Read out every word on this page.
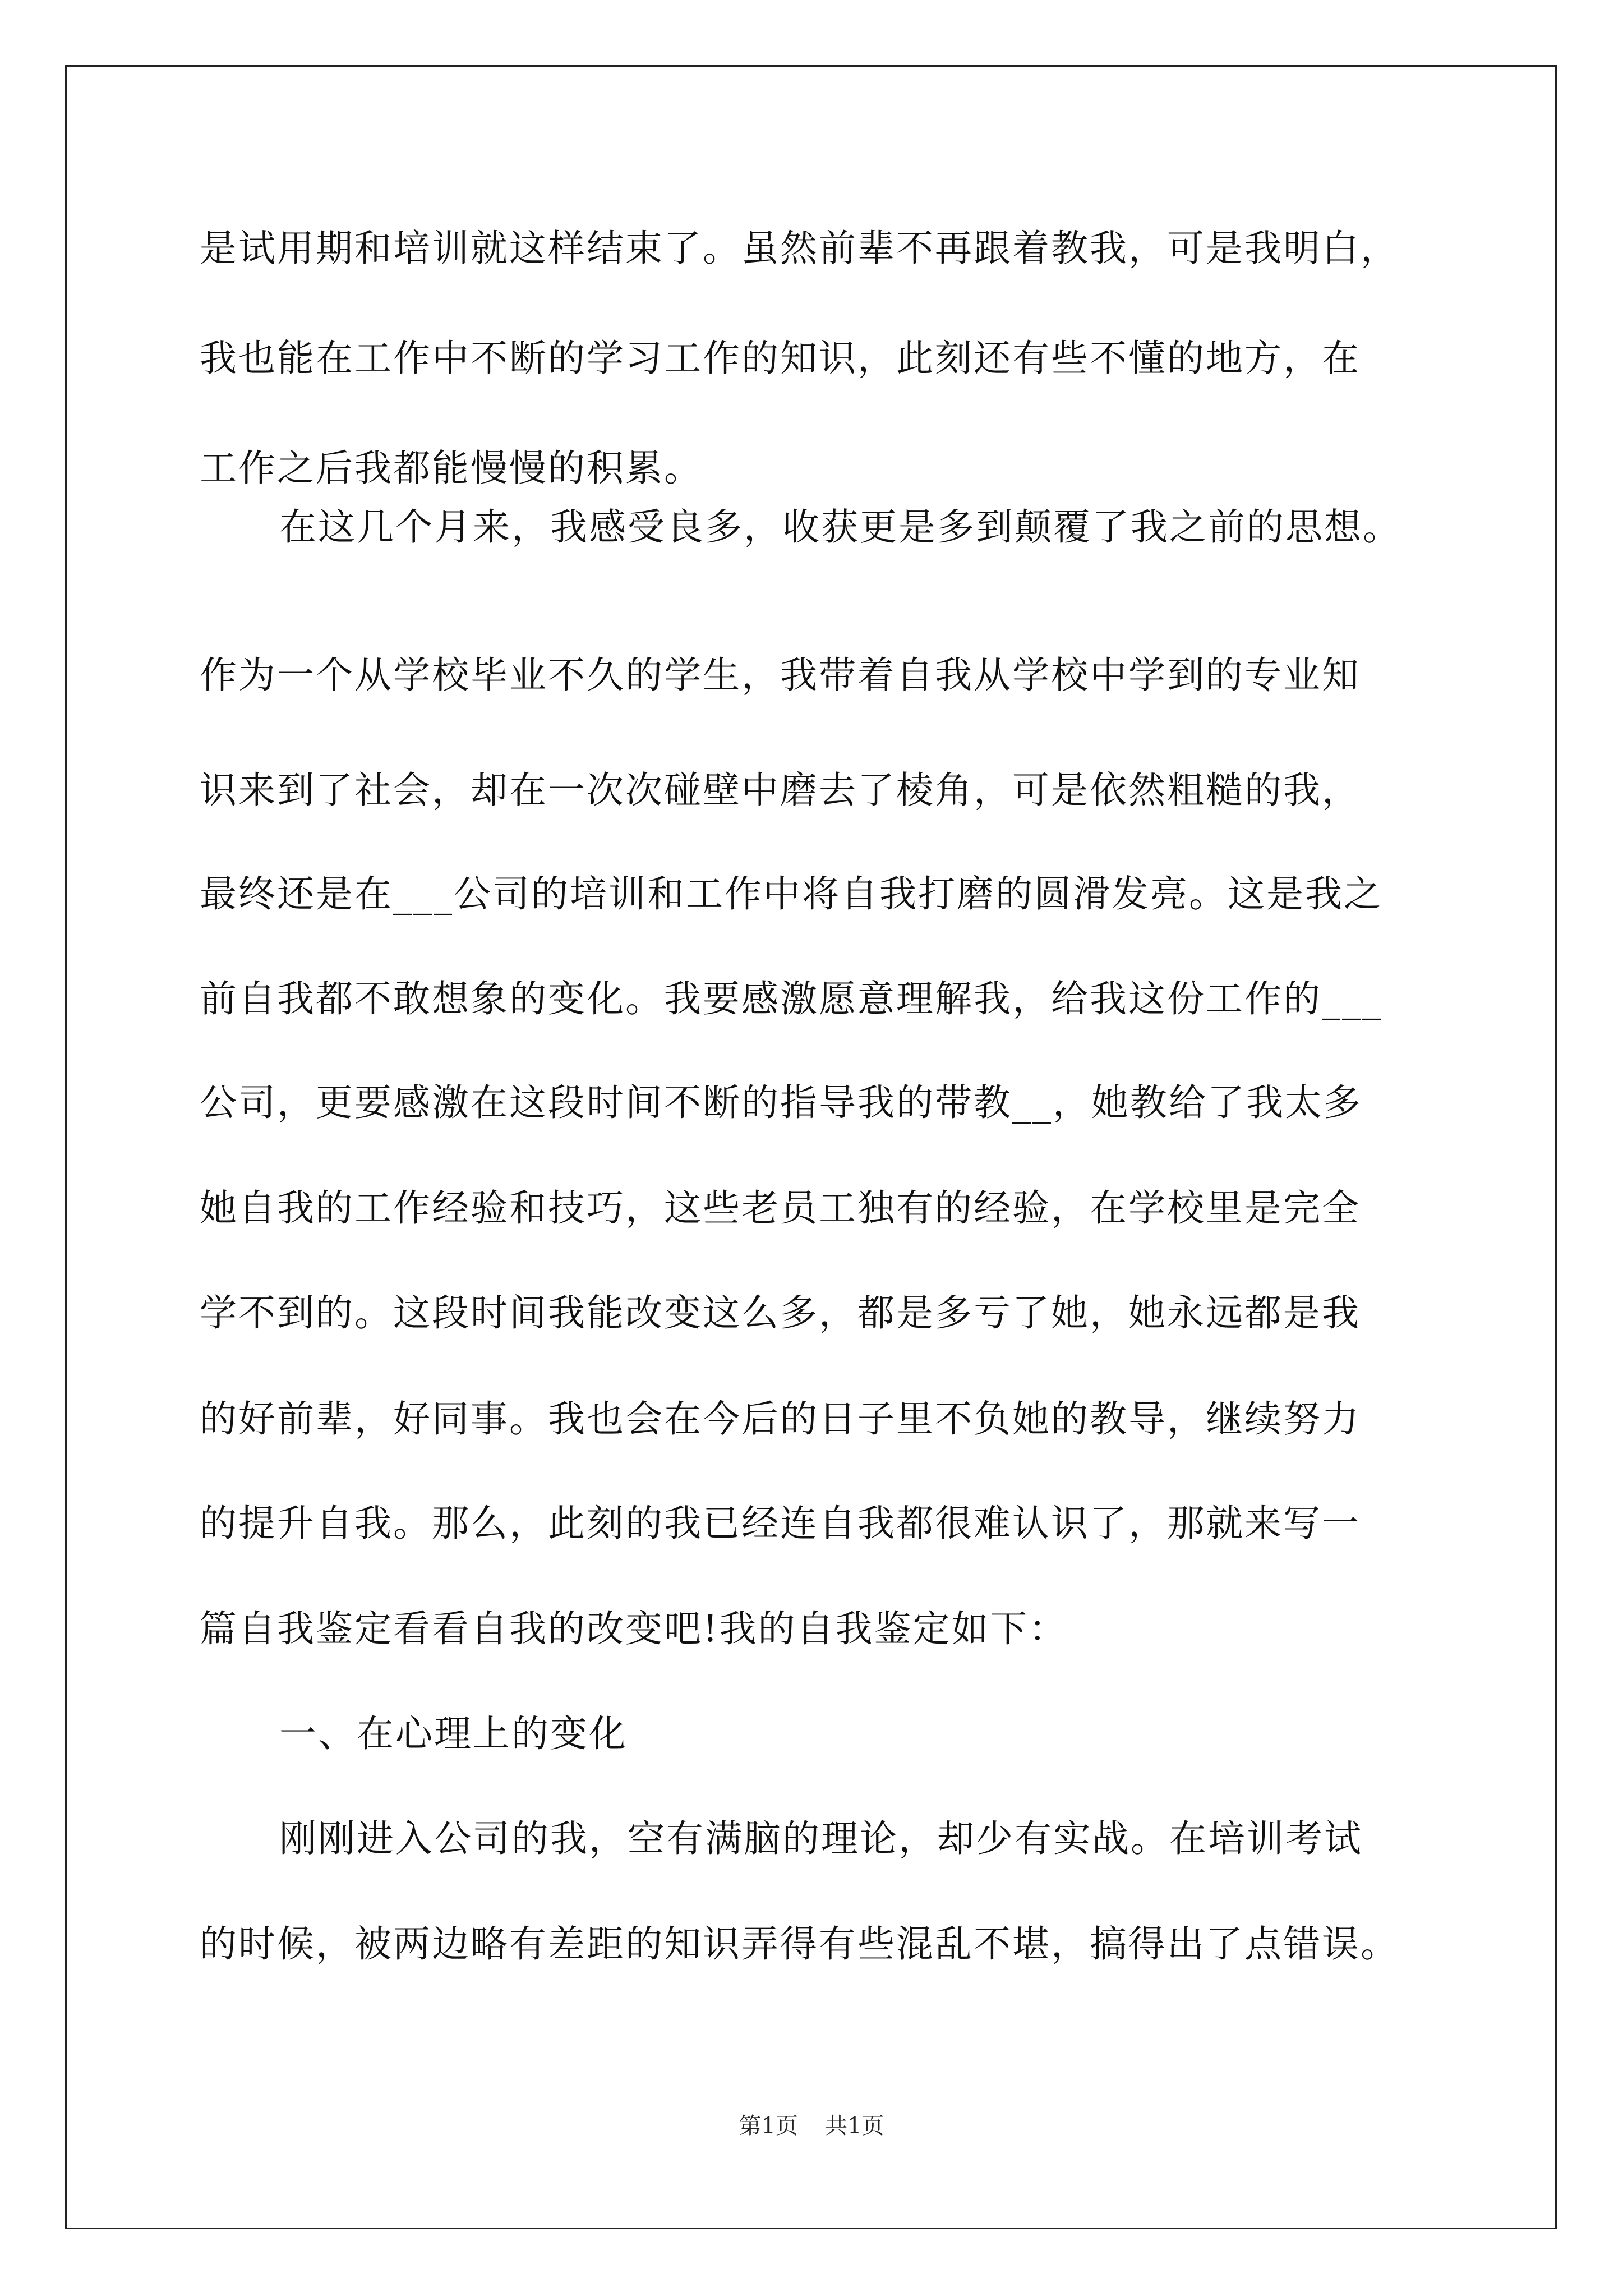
是试用期和培训就这样结束了。虽然前辈不再跟着教我，可是我明白，
我也能在工作中不断的学习工作的知识，此刻还有些不懂的地方，在
工作之后我都能慢慢的积累。
在这几个月来，我感受良多，收获更是多到颠覆了我之前的思想。
作为一个从学校毕业不久的学生，我带着自我从学校中学到的专业知
识来到了社会，却在一次次碰壁中磨去了棱角，可是依然粗糙的我，
最终还是在___公司的培训和工作中将自我打磨的圆滑发亮。这是我之
前自我都不敢想象的变化。我要感激愿意理解我，给我这份工作的___
公司，更要感激在这段时间不断的指导我的带教__，她教给了我太多
她自我的工作经验和技巧，这些老员工独有的经验，在学校里是完全
学不到的。这段时间我能改变这么多，都是多亏了她，她永远都是我
的好前辈，好同事。我也会在今后的日子里不负她的教导，继续努力
的提升自我。那么，此刻的我已经连自我都很难认识了，那就来写一
篇自我鉴定看看自我的改变吧!我的自我鉴定如下：
一、在心理上的变化
刚刚进入公司的我，空有满脑的理论，却少有实战。在培训考试
的时候，被两边略有差距的知识弄得有些混乱不堪，搞得出了点错误。
第1页 共1页
